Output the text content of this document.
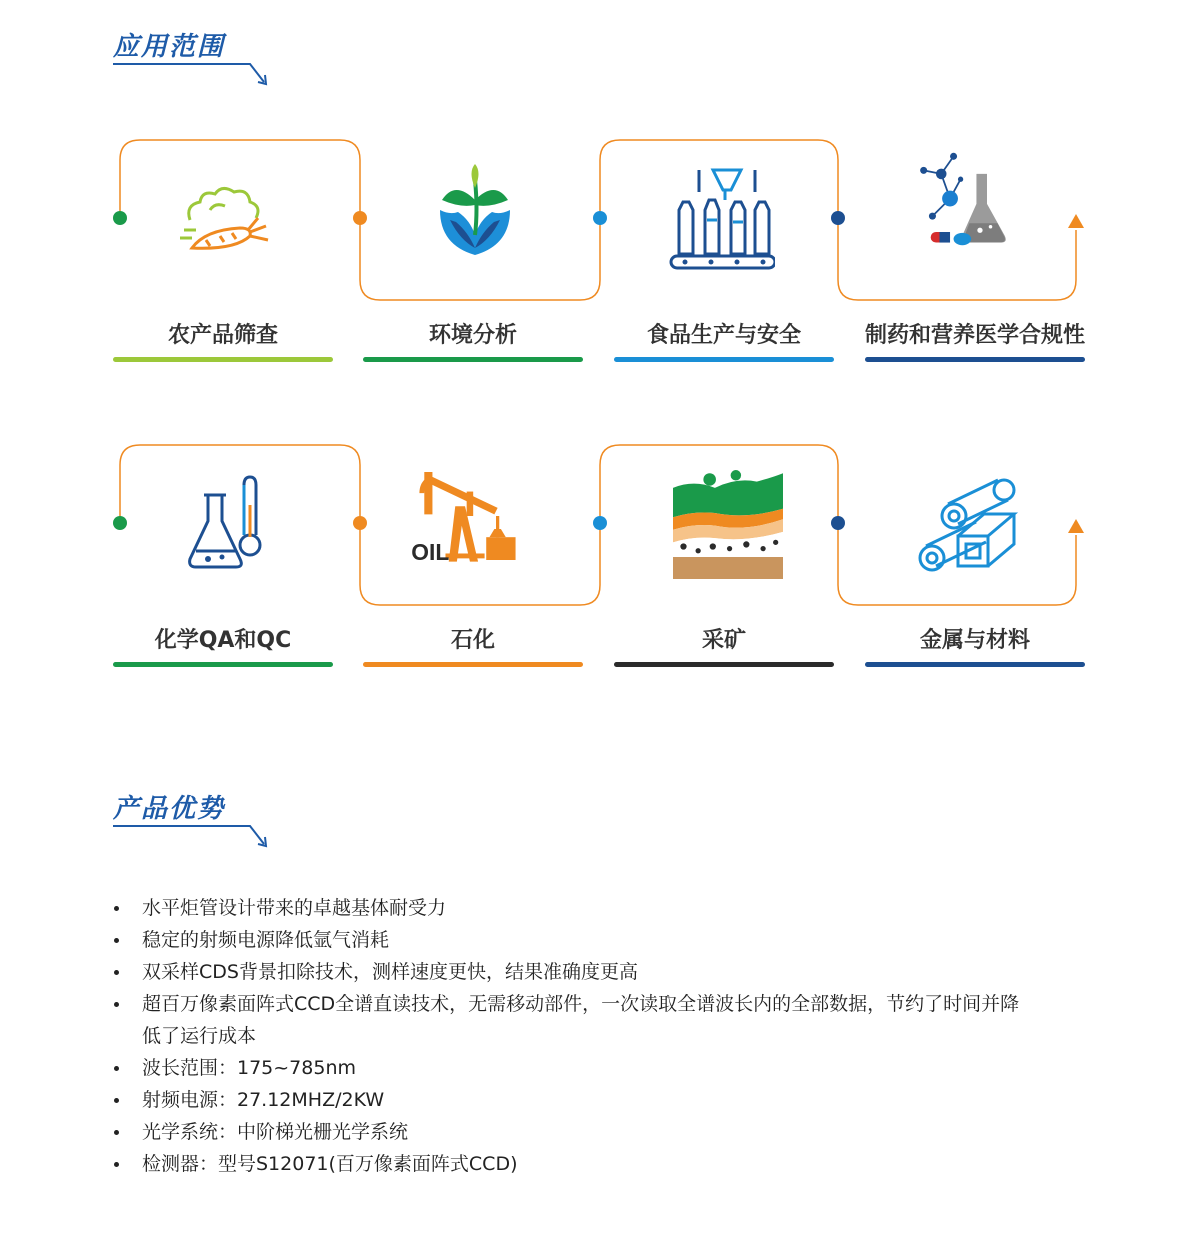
应用范围
农产品筛查	环境分析	食品生产与安全	制药和营养医学合规性
OIL
化学QA和QC	石化	采矿	金属与材料
产品优势
水平炬管设计带来的卓越基体耐受力
稳定的射频电源降低氩气消耗
双采样CDS背景扣除技术，测样速度更快，结果准确度更高
超百万像素面阵式CCD全谱直读技术，无需移动部件，一次读取全谱波长内的全部数据，节约了时间并降
低了运行成本
波长范围：175~785nm
射频电源：27.12MHZ/2KW
光学系统：中阶梯光栅光学系统
检测器：型号S12071(百万像素面阵式CCD)
